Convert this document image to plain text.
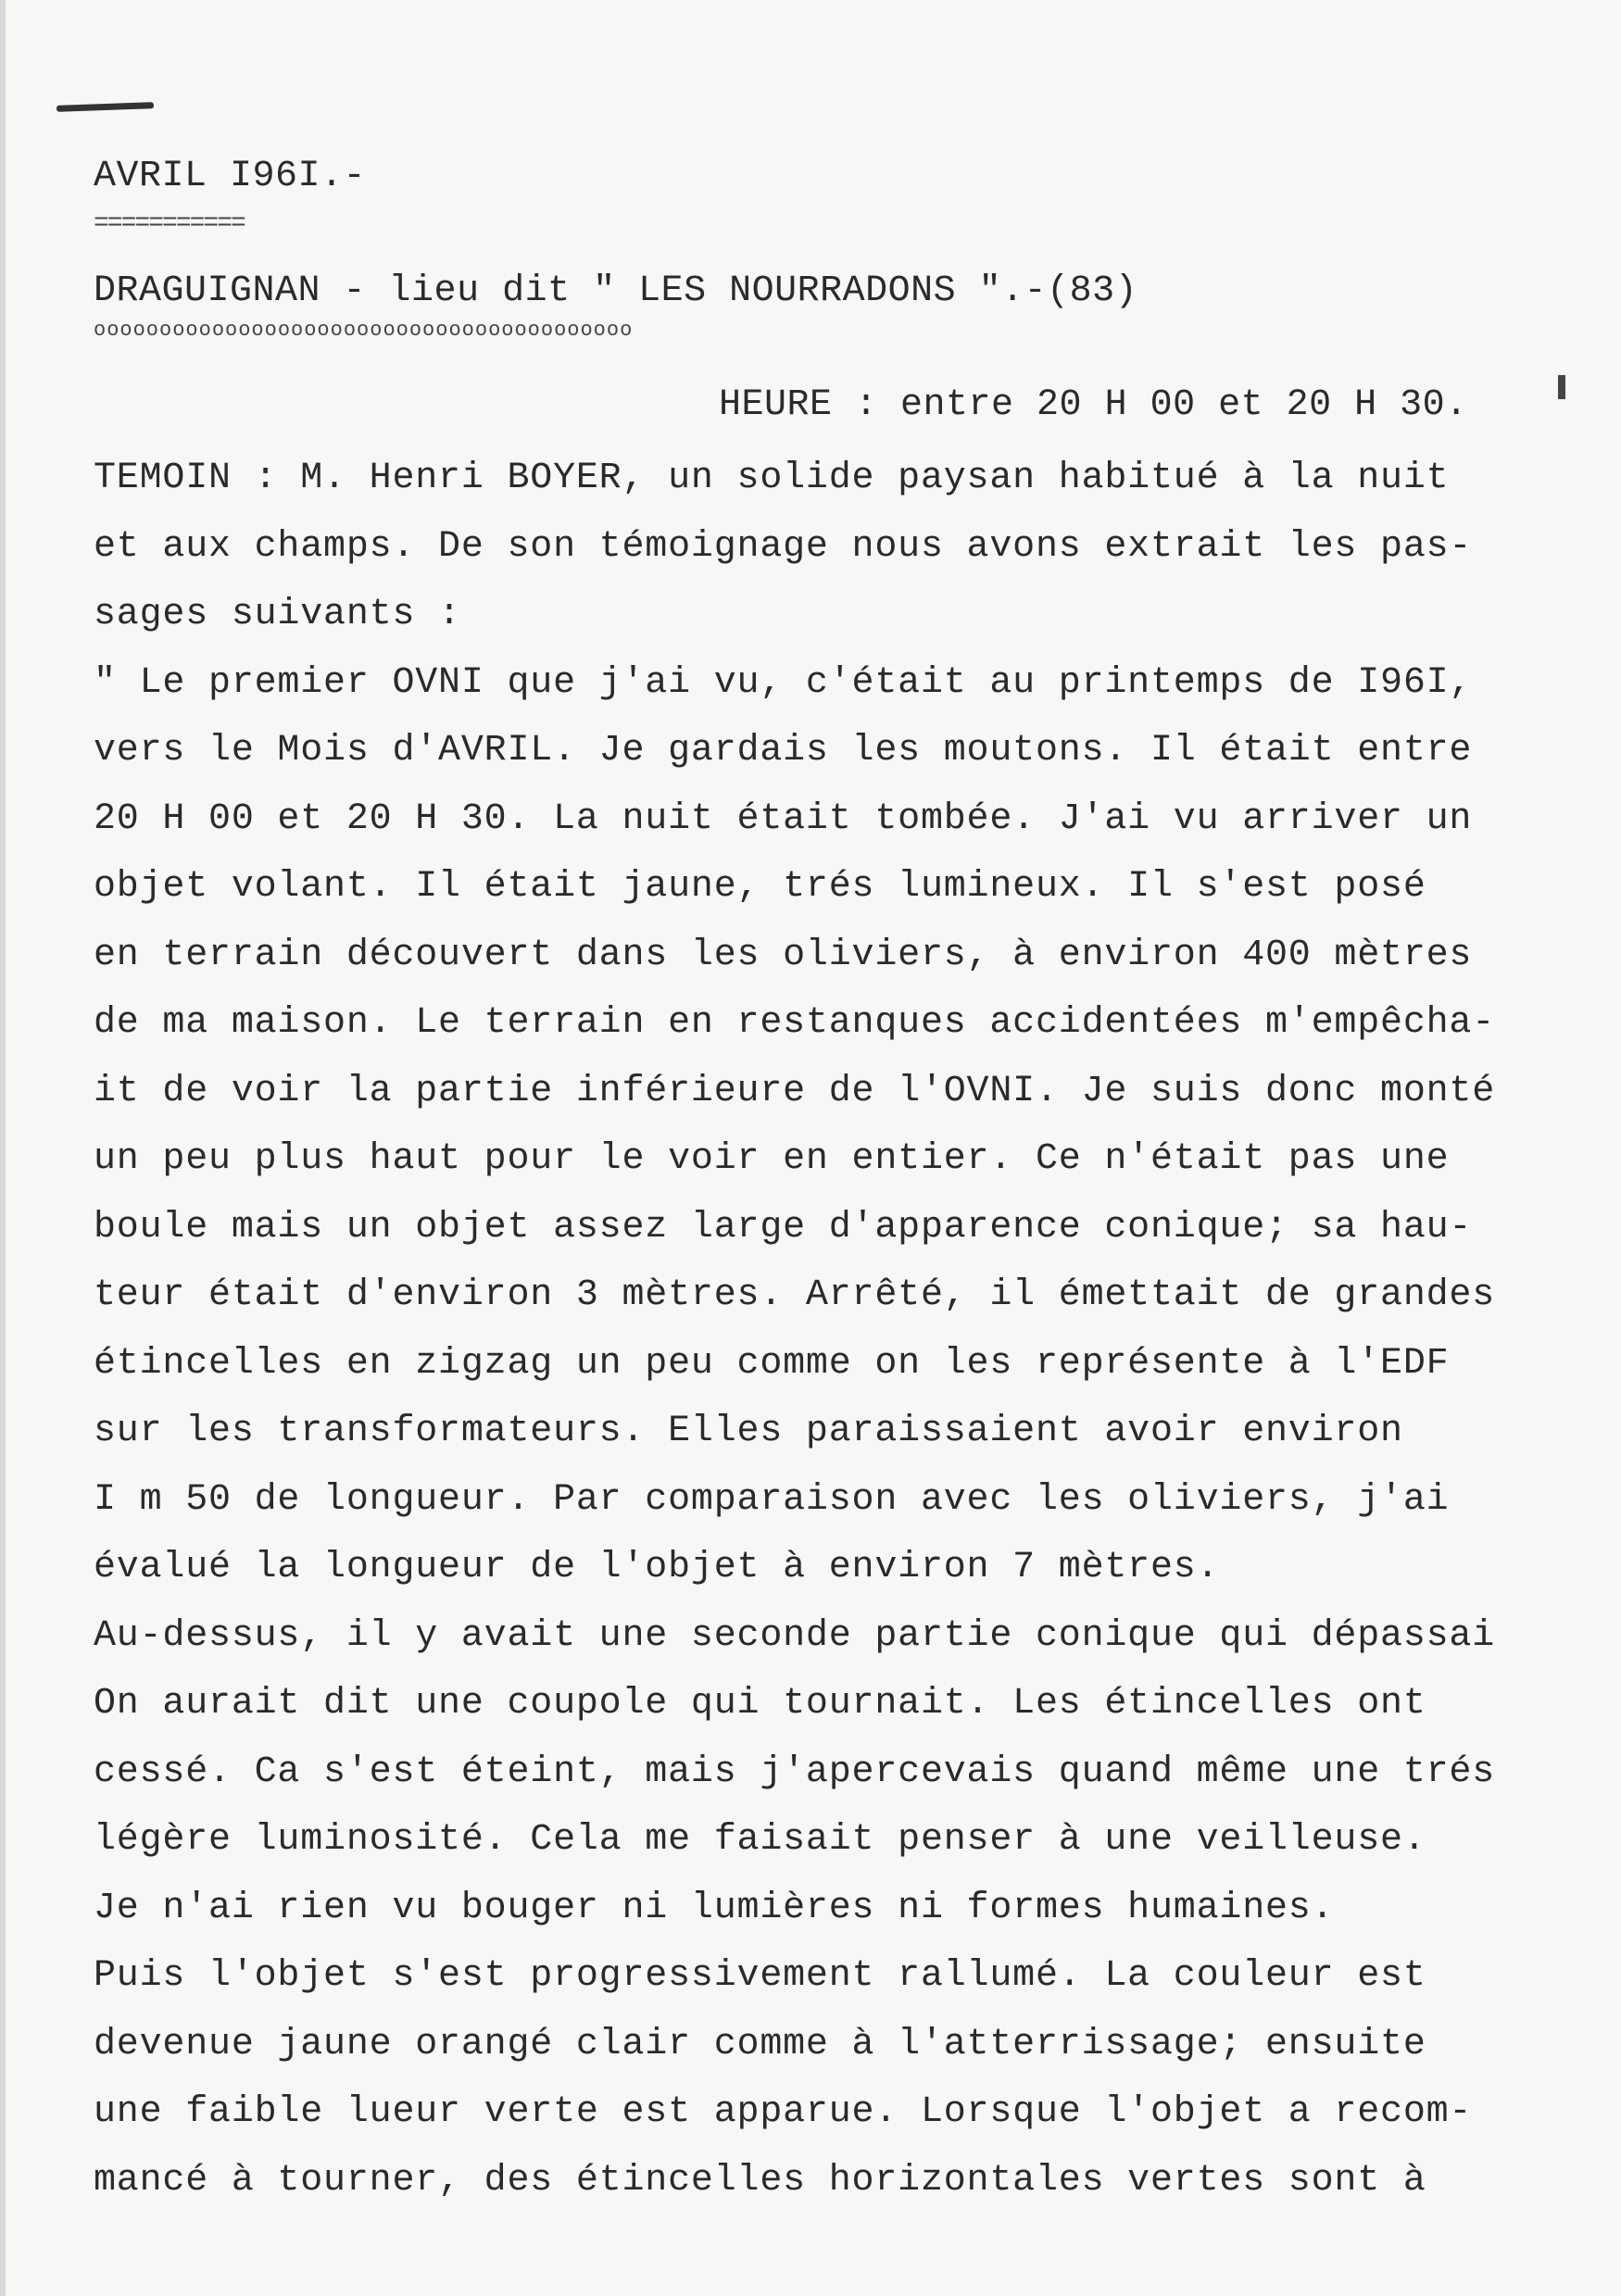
AVRIL I96I.-
===========
DRAGUIGNAN - lieu dit " LES NOURRADONS ".-(83)
ooooooooooooooooooooooooooooooooooooooooo
HEURE : entre 20 H 00 et 20 H 30.
TEMOIN : M. Henri BOYER, un solide paysan habitué à la nuit
et aux champs. De son témoignage nous avons extrait les pas-
sages suivants :
" Le premier OVNI que j'ai vu, c'était au printemps de I96I,
vers le Mois d'AVRIL. Je gardais les moutons. Il était entre
20 H 00 et 20 H 30. La nuit était tombée. J'ai vu arriver un
objet volant. Il était jaune, trés lumineux. Il s'est posé
en terrain découvert dans les oliviers, à environ 400 mètres
de ma maison. Le terrain en restanques accidentées m'empêcha-
it de voir la partie inférieure de l'OVNI. Je suis donc monté
un peu plus haut pour le voir en entier. Ce n'était pas une
boule mais un objet assez large d'apparence conique; sa hau-
teur était d'environ 3 mètres. Arrêté, il émettait de grandes
étincelles en zigzag un peu comme on les représente à l'EDF
sur les transformateurs. Elles paraissaient avoir environ
I m 50 de longueur. Par comparaison avec les oliviers, j'ai
évalué la longueur de l'objet à environ 7 mètres.
Au-dessus, il y avait une seconde partie conique qui dépassai
On aurait dit une coupole qui tournait. Les étincelles ont
cessé. Ca s'est éteint, mais j'apercevais quand même une trés
légère luminosité. Cela me faisait penser à une veilleuse.
Je n'ai rien vu bouger ni lumières ni formes humaines.
Puis l'objet s'est progressivement rallumé. La couleur est
devenue jaune orangé clair comme à l'atterrissage; ensuite
une faible lueur verte est apparue. Lorsque l'objet a recom-
mancé à tourner, des étincelles horizontales vertes sont à
